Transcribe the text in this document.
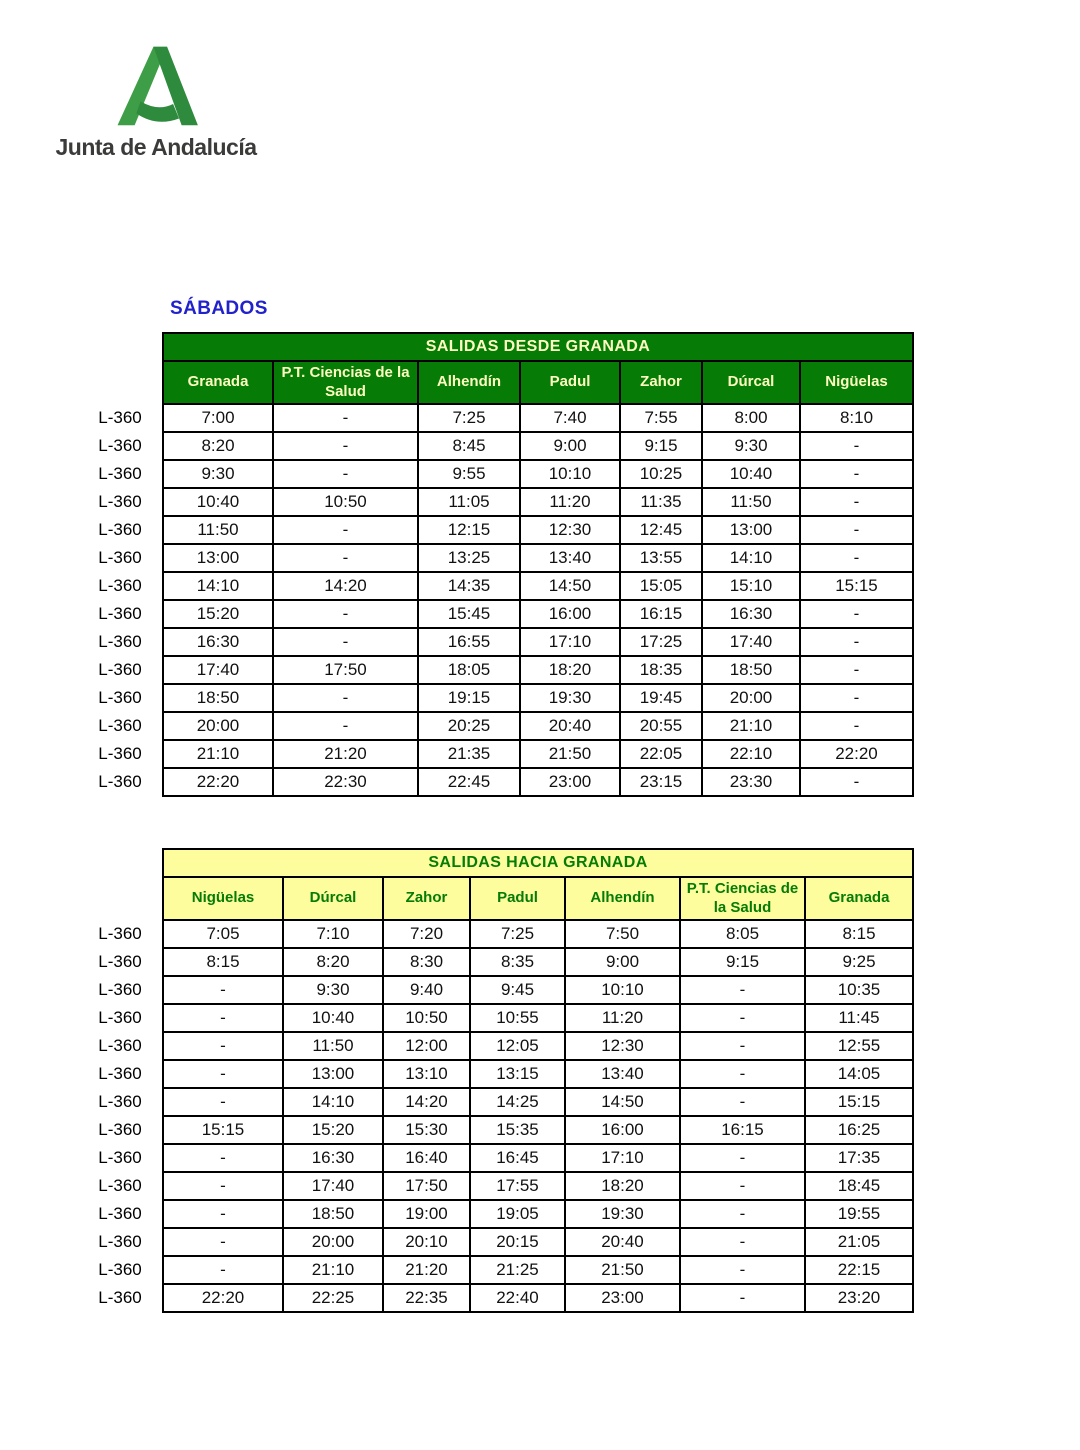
Junta de Andalucía
SÁBADOS
	SALIDAS DESDE GRANADA						
	Granada	P.T. Ciencias de la Salud	Alhendín	Padul	Zahor	Dúrcal	Nigüelas
L-360	7:00	-	7:25	7:40	7:55	8:00	8:10
L-360	8:20	-	8:45	9:00	9:15	9:30	-
L-360	9:30	-	9:55	10:10	10:25	10:40	-
L-360	10:40	10:50	11:05	11:20	11:35	11:50	-
L-360	11:50	-	12:15	12:30	12:45	13:00	-
L-360	13:00	-	13:25	13:40	13:55	14:10	-
L-360	14:10	14:20	14:35	14:50	15:05	15:10	15:15
L-360	15:20	-	15:45	16:00	16:15	16:30	-
L-360	16:30	-	16:55	17:10	17:25	17:40	-
L-360	17:40	17:50	18:05	18:20	18:35	18:50	-
L-360	18:50	-	19:15	19:30	19:45	20:00	-
L-360	20:00	-	20:25	20:40	20:55	21:10	-
L-360	21:10	21:20	21:35	21:50	22:05	22:10	22:20
L-360	22:20	22:30	22:45	23:00	23:15	23:30	-
	SALIDAS HACIA GRANADA						
	Nigüelas	Dúrcal	Zahor	Padul	Alhendín	P.T. Ciencias de la Salud	Granada
L-360	7:05	7:10	7:20	7:25	7:50	8:05	8:15
L-360	8:15	8:20	8:30	8:35	9:00	9:15	9:25
L-360	-	9:30	9:40	9:45	10:10	-	10:35
L-360	-	10:40	10:50	10:55	11:20	-	11:45
L-360	-	11:50	12:00	12:05	12:30	-	12:55
L-360	-	13:00	13:10	13:15	13:40	-	14:05
L-360	-	14:10	14:20	14:25	14:50	-	15:15
L-360	15:15	15:20	15:30	15:35	16:00	16:15	16:25
L-360	-	16:30	16:40	16:45	17:10	-	17:35
L-360	-	17:40	17:50	17:55	18:20	-	18:45
L-360	-	18:50	19:00	19:05	19:30	-	19:55
L-360	-	20:00	20:10	20:15	20:40	-	21:05
L-360	-	21:10	21:20	21:25	21:50	-	22:15
L-360	22:20	22:25	22:35	22:40	23:00	-	23:20
